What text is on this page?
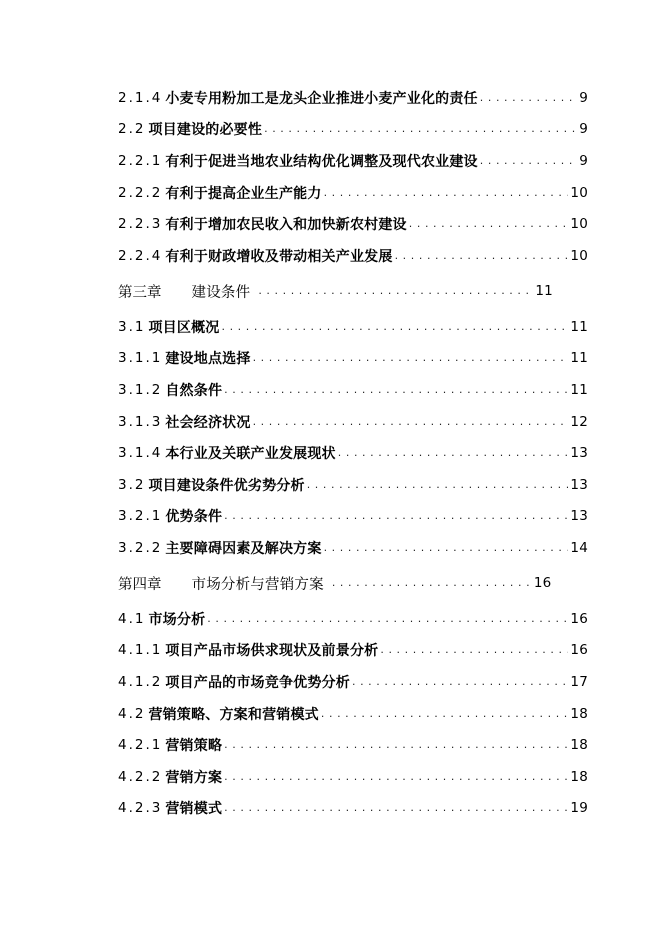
2.1.4 小麦专用粉加工是龙头企业推进小麦产业化的责任 .....	9
2.2 项目建设的必要性 .....	9
2.2.1 有利于促进当地农业结构优化调整及现代农业建设 .....	9
2.2.2 有利于提高企业生产能力 .....	10
2.2.3 有利于增加农民收入和加快新农村建设 .....	10
2.2.4 有利于财政增收及带动相关产业发展 .....	10
第三章 建设条件 .....	11
3.1 项目区概况 .....	11
3.1.1 建设地点选择 .....	11
3.1.2 自然条件 .....	11
3.1.3 社会经济状况 .....	12
3.1.4 本行业及关联产业发展现状 .....	13
3.2 项目建设条件优劣势分析 .....	13
3.2.1 优势条件 .....	13
3.2.2 主要障碍因素及解决方案 .....	14
第四章 市场分析与营销方案 .....	16
4.1 市场分析 .....	16
4.1.1 项目产品市场供求现状及前景分析 .....	16
4.1.2 项目产品的市场竞争优势分析 .....	17
4.2 营销策略、方案和营销模式 .....	18
4.2.1 营销策略 .....	18
4.2.2 营销方案 .....	18
4.2.3 营销模式 .....	19
